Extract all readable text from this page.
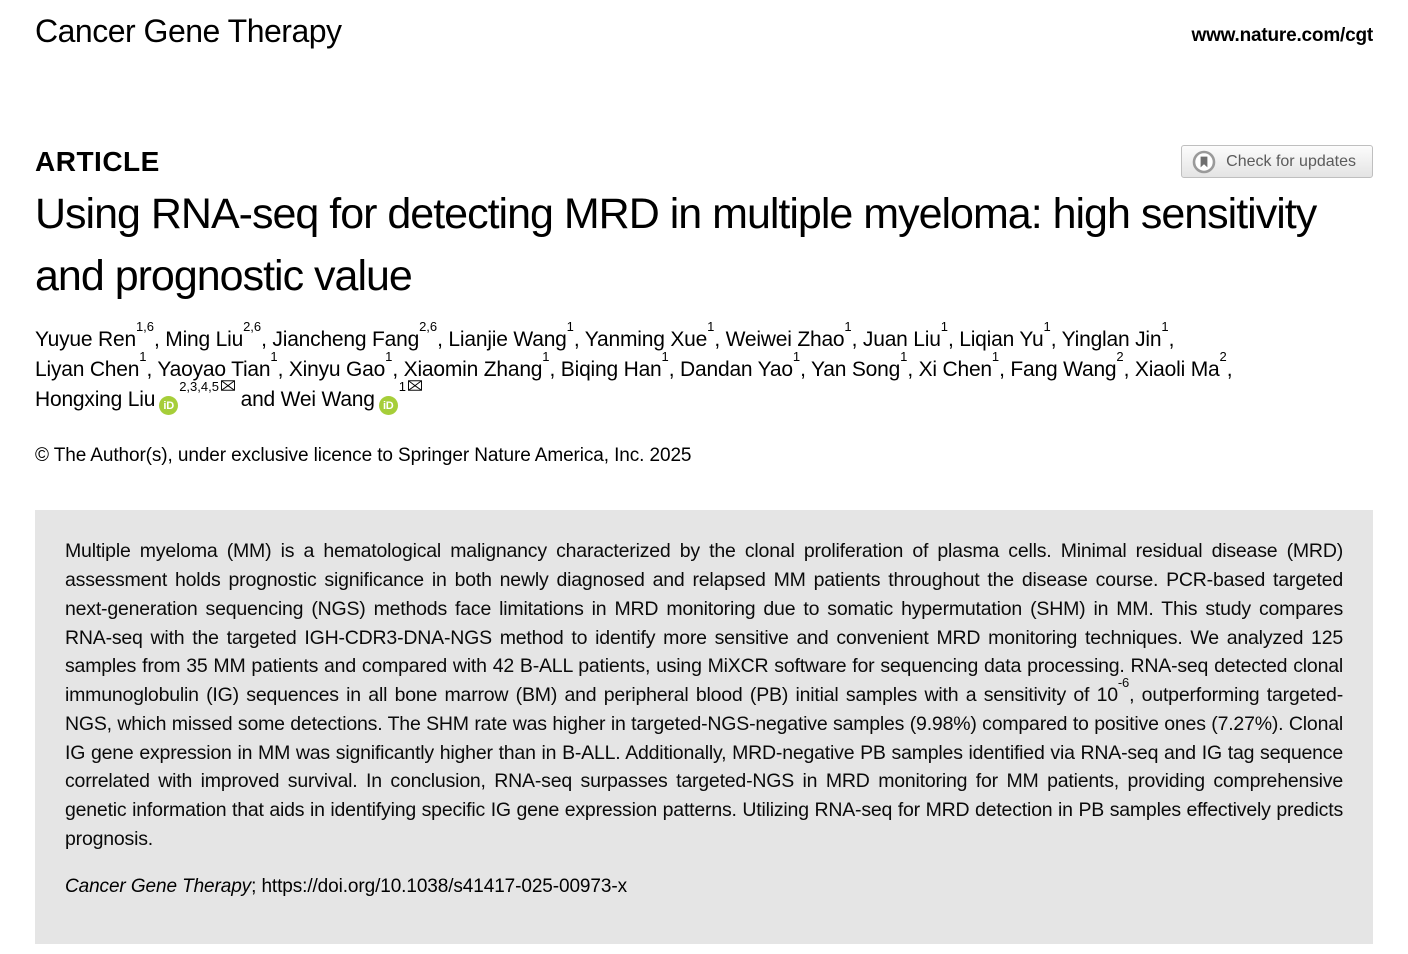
Cancer Gene Therapy	www.nature.com/cgt
ARTICLE	Check for updates
Using RNA-seq for detecting MRD in multiple myeloma: high sensitivity and prognostic value
Yuyue Ren$^{1,6}$, Ming Liu$^{2,6}$, Jiancheng Fang$^{2,6}$, Lianjie Wang$^1$, Yanming Xue$^1$, Weiwei Zhao$^1$, Juan Liu$^1$, Liqian Yu$^1$, Yinglan Jin$^1$,
Liyan Chen$^1$, Yaoyao Tian$^1$, Xinyu Gao$^1$, Xiaomin Zhang$^1$, Biqing Han$^1$, Dandan Yao$^1$, Yan Song$^1$, Xi Chen$^1$, Fang Wang$^2$, Xiaoli Ma$^2$,
Hongxing Liu iD$^{2,3,4,5}$ and Wei Wang $iD^1$
© The Author(s), under exclusive licence to Springer Nature America, Inc. 2025

Multiple myeloma (MM) is a hematological malignancy characterized by the clonal proliferation of plasma cells. Minimal residual disease (MRD) assessment holds prognostic significance in both newly diagnosed and relapsed MM patients throughout the disease course. PCR-based targeted next-generation sequencing (NGS) methods face limitations in MRD monitoring due to somatic hypermutation (SHM) in MM. This study compares RNA-seq with the targeted IGH-CDR3-DNA-NGS method to identify more sensitive and convenient MRD monitoring techniques. We analyzed 125 samples from 35 MM patients and compared with 42 B-ALL patients, using MiXCR software for sequencing data processing. RNA-seq detected clonal immunoglobulin (IG) sequences in all bone marrow (BM) and peripheral blood (PB) initial samples with a sensitivity of $10^{-6}$, outperforming targeted-NGS, which missed some detections. The SHM rate was higher in targeted-NGS-negative samples (9.98%) compared to positive ones (7.27%). Clonal IG gene expression in MM was significantly higher than in B-ALL. Additionally, MRD-negative PB samples identified via RNA-seq and IG tag sequence correlated with improved survival. In conclusion, RNA-seq surpasses targeted-NGS in MRD monitoring for MM patients, providing comprehensive genetic information that aids in identifying specific IG gene expression patterns. Utilizing RNA-seq for MRD detection in PB samples effectively predicts prognosis.

Cancer Gene Therapy; https://doi.org/10.1038/s41417-025-00973-x
